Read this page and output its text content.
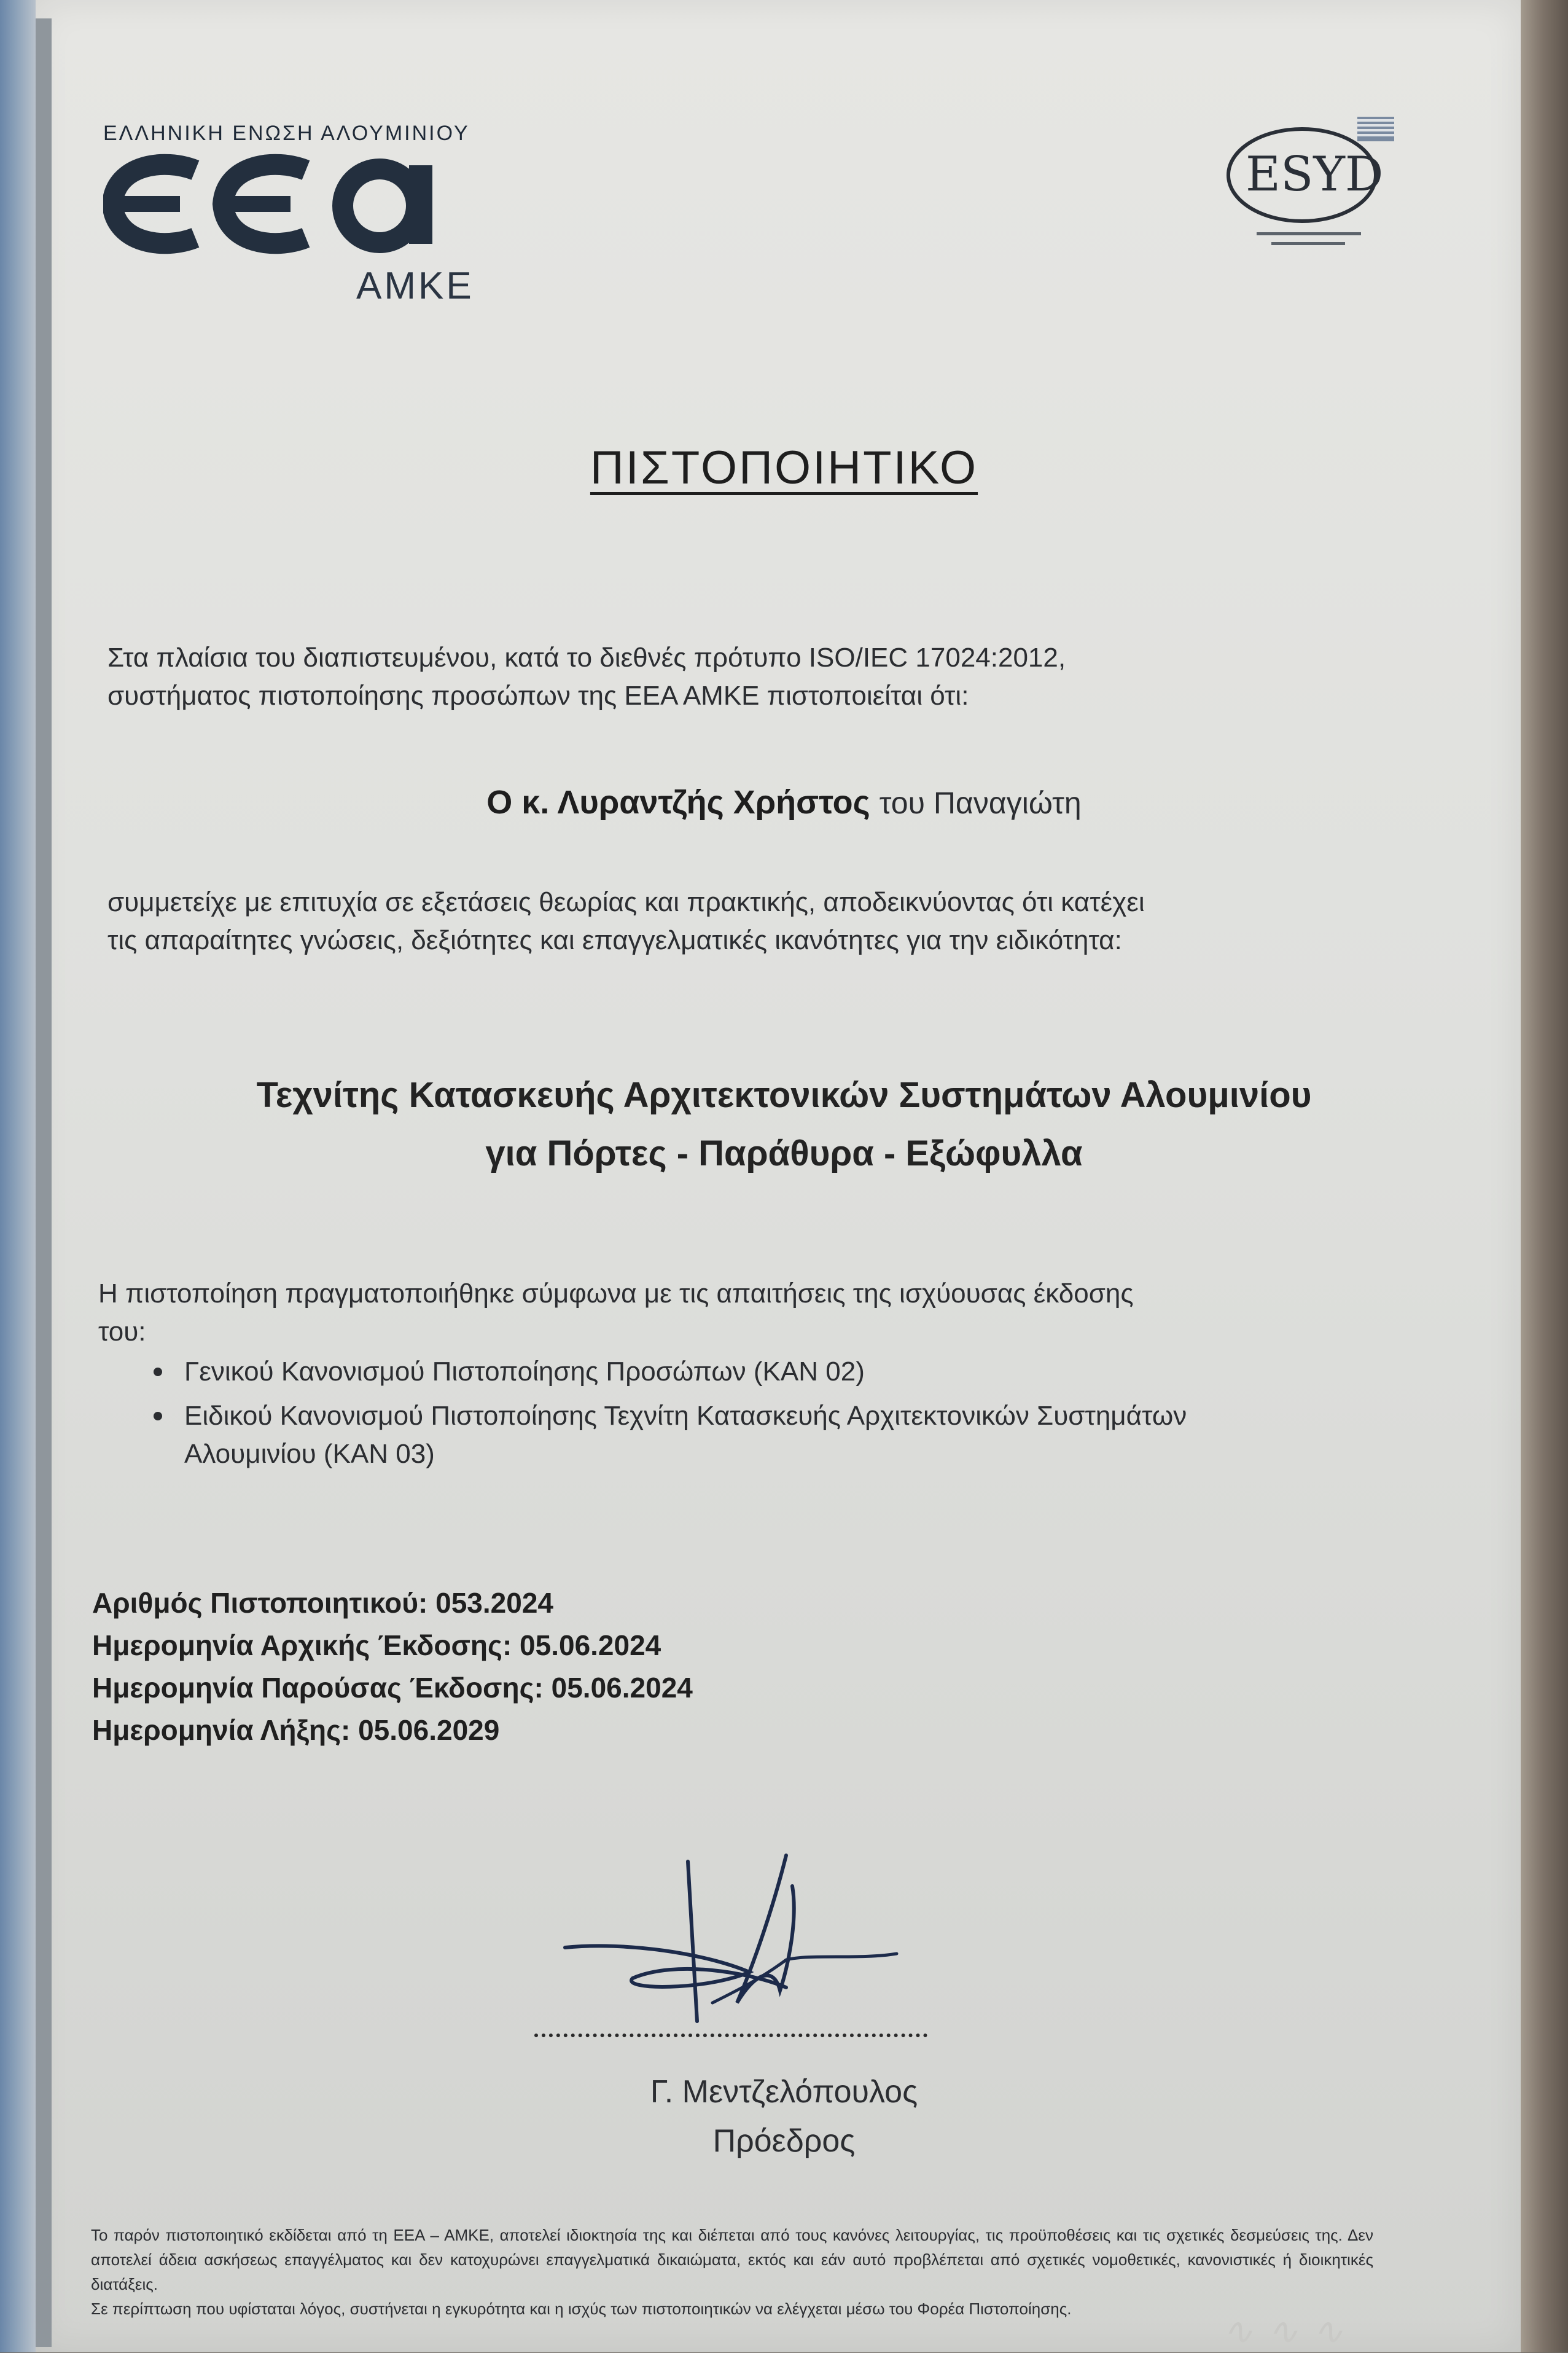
ΕΛΛΗΝΙΚΗ ΕΝΩΣΗ ΑΛΟΥΜΙΝΙΟΥ
ΑΜΚΕ
ESYD
ΠΙΣΤΟΠΟΙΗΤΙΚΟ
Στα πλαίσια του διαπιστευμένου, κατά το διεθνές πρότυπο ISO/IEC 17024:2012,
συστήματος πιστοποίησης προσώπων της ΕΕΑ ΑΜΚΕ πιστοποιείται ότι:
Ο κ. Λυραντζής Χρήστος του Παναγιώτη
συμμετείχε με επιτυχία σε εξετάσεις θεωρίας και πρακτικής, αποδεικνύοντας ότι κατέχει
τις απαραίτητες γνώσεις, δεξιότητες και επαγγελματικές ικανότητες για την ειδικότητα:
Τεχνίτης Κατασκευής Αρχιτεκτονικών Συστημάτων Αλουμινίου
για Πόρτες - Παράθυρα - Εξώφυλλα
Η πιστοποίηση πραγματοποιήθηκε σύμφωνα με τις απαιτήσεις της ισχύουσας έκδοσης
του:
Γενικού Κανονισμού Πιστοποίησης Προσώπων (ΚΑΝ 02)
Ειδικού Κανονισμού Πιστοποίησης Τεχνίτη Κατασκευής Αρχιτεκτονικών Συστημάτων Αλουμινίου (ΚΑΝ 03)
Αριθμός Πιστοποιητικού: 053.2024
Ημερομηνία Αρχικής Έκδοσης: 05.06.2024
Ημερομηνία Παρούσας Έκδοσης: 05.06.2024
Ημερομηνία Λήξης: 05.06.2029
Γ. Μεντζελόπουλος
Πρόεδρος

Το παρόν πιστοποιητικό εκδίδεται από τη ΕΕΑ – ΑΜΚΕ, αποτελεί ιδιοκτησία της και διέπεται από τους κανόνες λειτουργίας, τις προϋποθέσεις και τις σχετικές δεσμεύσεις της. Δεν αποτελεί άδεια ασκήσεως επαγγέλματος και δεν κατοχυρώνει επαγγελματικά δικαιώματα, εκτός και εάν αυτό προβλέπεται από σχετικές νομοθετικές, κανονιστικές ή διοικητικές διατάξεις.

Σε περίπτωση που υφίσταται λόγος, συστήνεται η εγκυρότητα και η ισχύς των πιστοποιητικών να ελέγχεται μέσω του Φορέα Πιστοποίησης.

∿ ∿ ∿
